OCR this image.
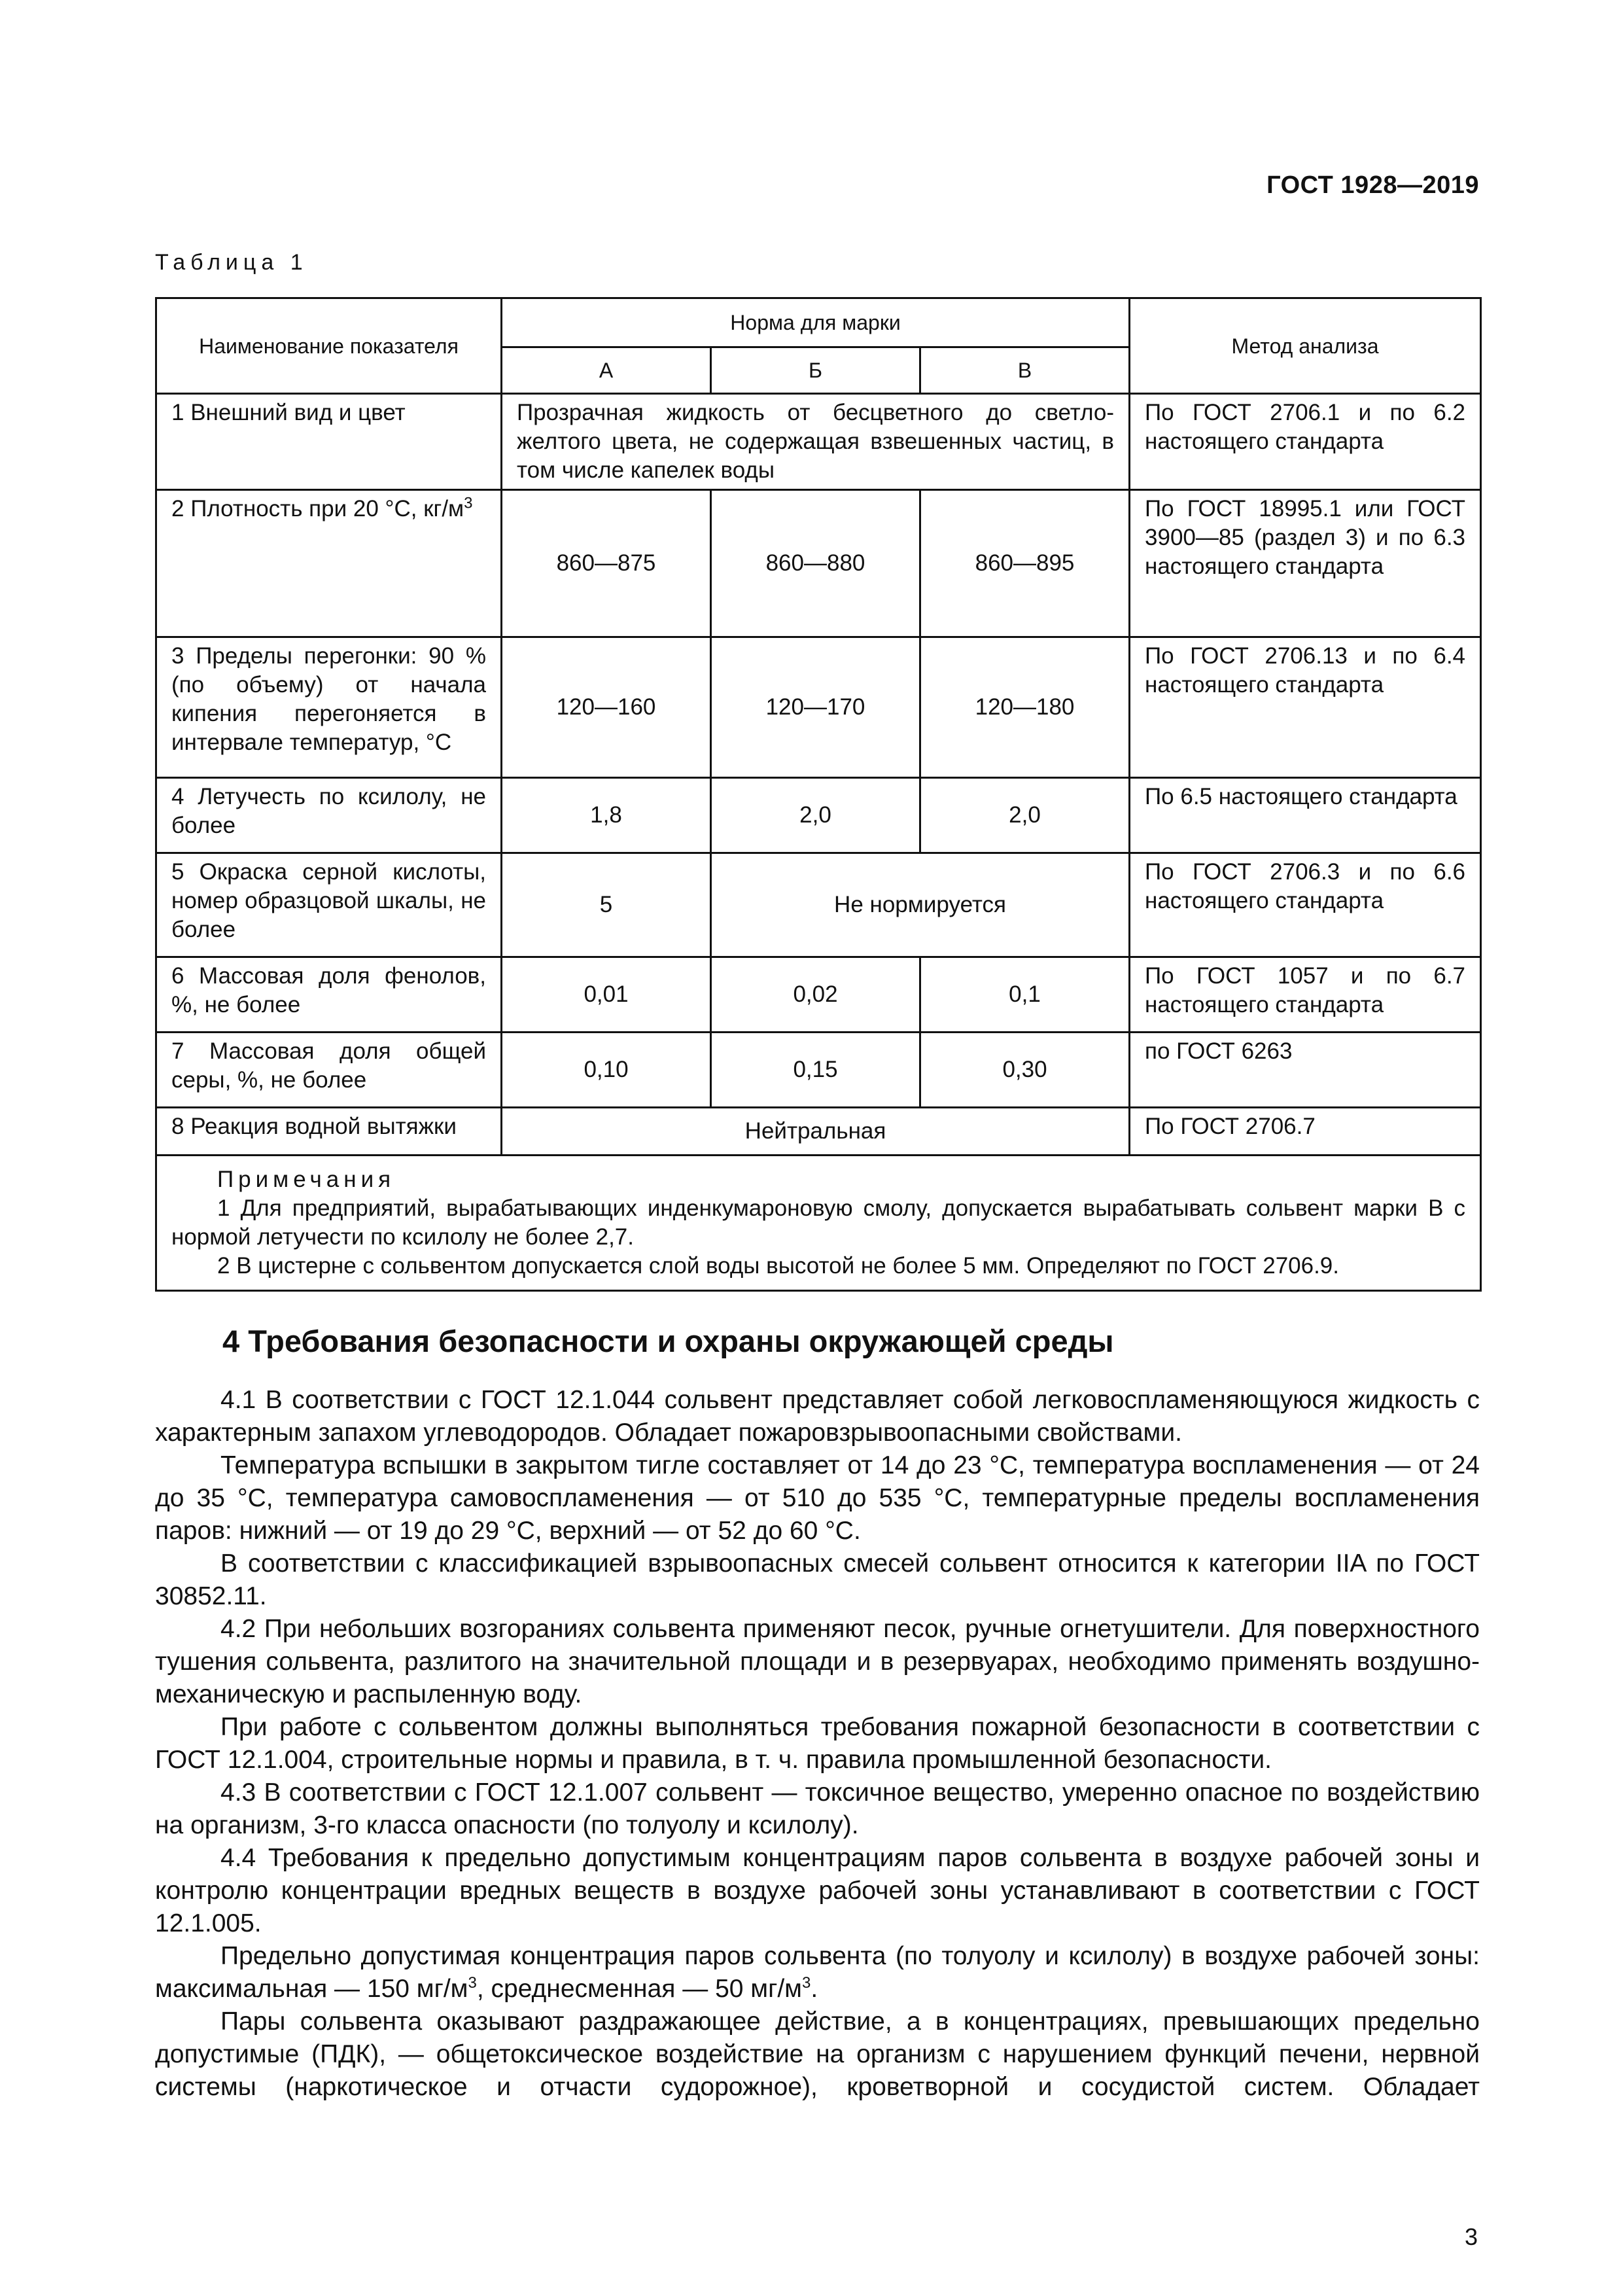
ГОСТ 1928—2019
Таблица 1
Наименование показателя	Норма для марки			Метод анализа
	А	Б	В	
1 Внешний вид и цвет	Прозрачная жидкость от бесцветного до светло-желтого цвета, не содержащая взвешенных частиц, в том числе капелек воды			По ГОСТ 2706.1 и по 6.2 настоящего стандарта
2 Плотность при 20 °С, $кг/м^3$	860—875	860—880	860—895	По ГОСТ 18995.1 или ГОСТ 3900—85 (раздел 3) и по 6.3 настоящего стандарта
3 Пределы перегонки: 90 % (по объему) от начала кипения перегоняется в интервале температур, °С	120—160	120—170	120—180	По ГОСТ 2706.13 и по 6.4 настоящего стандарта
4 Летучесть по ксилолу, не более	1,8	2,0	2,0	По 6.5 настоящего стандарта
5 Окраска серной кислоты, номер образцовой шкалы, не более	5	Не нормируется		По ГОСТ 2706.3 и по 6.6 настоящего стандарта
6 Массовая доля фенолов, %, не более	0,01	0,02	0,1	По ГОСТ 1057 и по 6.7 настоящего стандарта
7 Массовая доля общей серы, %, не более	0,10	0,15	0,30	по ГОСТ 6263
8 Реакция водной вытяжки	Нейтральная			По ГОСТ 2706.7

Примечания
1 Для предприятий, вырабатывающих инденкумароновую смолу, допускается вырабатывать сольвент марки В с нормой летучести по ксилолу не более 2,7.
2 В цистерне с сольвентом допускается слой воды высотой не более 5 мм. Определяют по ГОСТ 2706.9.				
4 Требования безопасности и охраны окружающей среды

4.1 В соответствии с ГОСТ 12.1.044 сольвент представляет собой легковоспламеняющуюся жидкость с характерным запахом углеводородов. Обладает пожаровзрывоопасными свойствами.

Температура вспышки в закрытом тигле составляет от 14 до 23 °С, температура воспламенения — от 24 до 35 °С, температура самовоспламенения — от 510 до 535 °С, температурные пределы воспламенения паров: нижний — от 19 до 29 °С, верхний — от 52 до 60 °С.

В соответствии с классификацией взрывоопасных смесей сольвент относится к категории IIA по ГОСТ 30852.11.

4.2 При небольших возгораниях сольвента применяют песок, ручные огнетушители. Для поверхностного тушения сольвента, разлитого на значительной площади и в резервуарах, необходимо применять воздушно-механическую и распыленную воду.

При работе с сольвентом должны выполняться требования пожарной безопасности в соответствии с ГОСТ 12.1.004, строительные нормы и правила, в т. ч. правила промышленной безопасности.

4.3 В соответствии с ГОСТ 12.1.007 сольвент — токсичное вещество, умеренно опасное по воздействию на организм, 3-го класса опасности (по толуолу и ксилолу).

4.4 Требования к предельно допустимым концентрациям паров сольвента в воздухе рабочей зоны и контролю концентрации вредных веществ в воздухе рабочей зоны устанавливают в соответствии с ГОСТ 12.1.005.

Предельно допустимая концентрация паров сольвента (по толуолу и ксилолу) в воздухе рабочей зоны: максимальная — 150 $мг/м^3$, среднесменная — 50 $мг/м^3$.

Пары сольвента оказывают раздражающее действие, а в концентрациях, превышающих предельно допустимые (ПДК), — общетоксическое воздействие на организм с нарушением функций печени, нервной системы (наркотическое и отчасти судорожное), кроветворной и сосудистой систем. Обладает

3
